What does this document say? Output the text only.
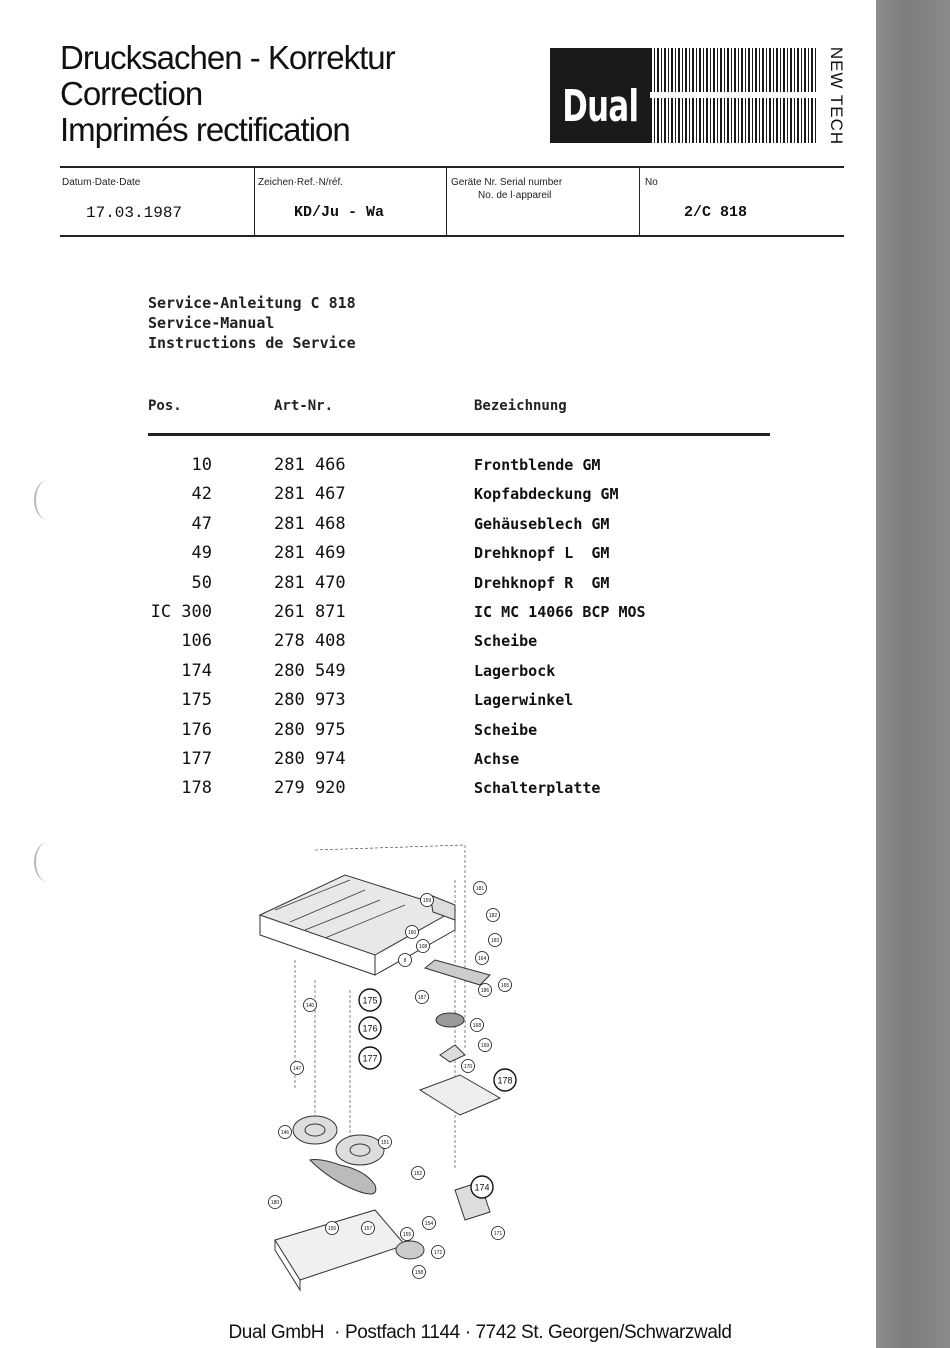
Drucksachen - Korrektur
Correction
Imprimés rectification	Dual	NEW TECH
Datum·Date·Date
17.03.1987
Zeichen·Ref.·N/réf.
KD/Ju - Wa
Geräte Nr. Serial number
No. de l·appareil
No
2/C 818
Service-Anleitung C 818
Service-Manual
Instructions de Service
Pos.	Art-Nr.	Bezeichnung
10	281 466	Frontblende GM
42	281 467	Kopfabdeckung GM
47	281 468	Gehäuseblech GM
49	281 469	Drehknopf L  GM
50	281 470	Drehknopf R  GM
IC 300	261 871	IC MC 14066 BCP MOS
106	278 408	Scheibe
174	280 549	Lagerbock
175	280 973	Lagerwinkel
176	280 975	Scheibe
177	280 974	Achse
178	279 920	Schalterplatte
181
159
182
160
183
108
164
8
175
140
187
186
165
176	168
177
169
147	170
178
146
151
152
174
180
156	157
154
171
155
172
158
Dual GmbH · Postfach 1144 · 7742 St. Georgen/Schwarzwald
